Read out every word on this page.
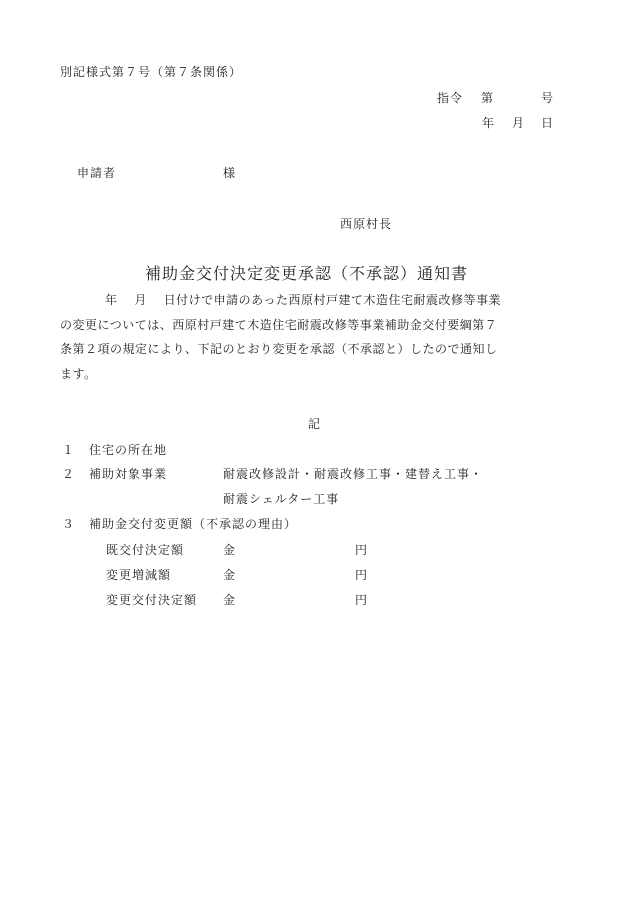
別記様式第７号（第７条関係）
指令 第	号
年 月 日
申請者	様
西原村長
補助金交付決定変更承認（不承認）通知書
年　 月　 日付けで申請のあった西原村戸建て木造住宅耐震改修等事業
の変更については、西原村戸建て木造住宅耐震改修等事業補助金交付要綱第７
条第２項の規定により、下記のとおり変更を承認（不承認と）したので通知し
ます。
記
１ 住宅の所在地
２ 補助対象事業	耐震改修設計・耐震改修工事・建替え工事・
耐震シェルター工事
３ 補助金交付変更額（不承認の理由）
既交付決定額	金	円
変更増減額	金	円
変更交付決定額 金	円
